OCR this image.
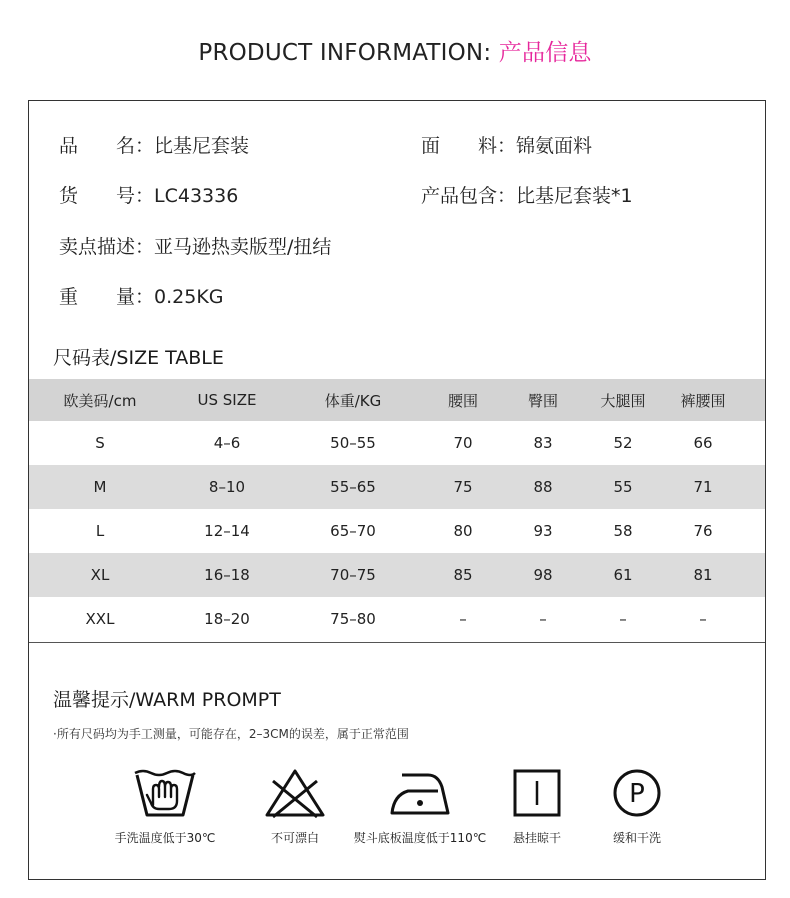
PRODUCT INFORMATION: 产品信息
品　　名：比基尼套装	面　　料：锦氨面料
货　　号：LC43336	产品包含：比基尼套装*1
卖点描述：亚马逊热卖版型/扭结
重　　量：0.25KG
尺码表/SIZE TABLE
欧美码/cm	US SIZE	体重/KG	腰围	臀围	大腿围	裤腰围
S	4–6	50–55	70	83	52	66
M	8–10	55–65	75	88	55	71
L	12–14	65–70	80	93	58	76
XL	16–18	70–75	85	98	61	81
XXL	18–20	75–80	–	–	–	–
温馨提示/WARM PROMPT
·所有尺码均为手工测量，可能存在，2–3CM的误差，属于正常范围
手洗温度低于30℃	不可漂白	熨斗底板温度低于110℃	悬挂晾干
P
缓和干洗
